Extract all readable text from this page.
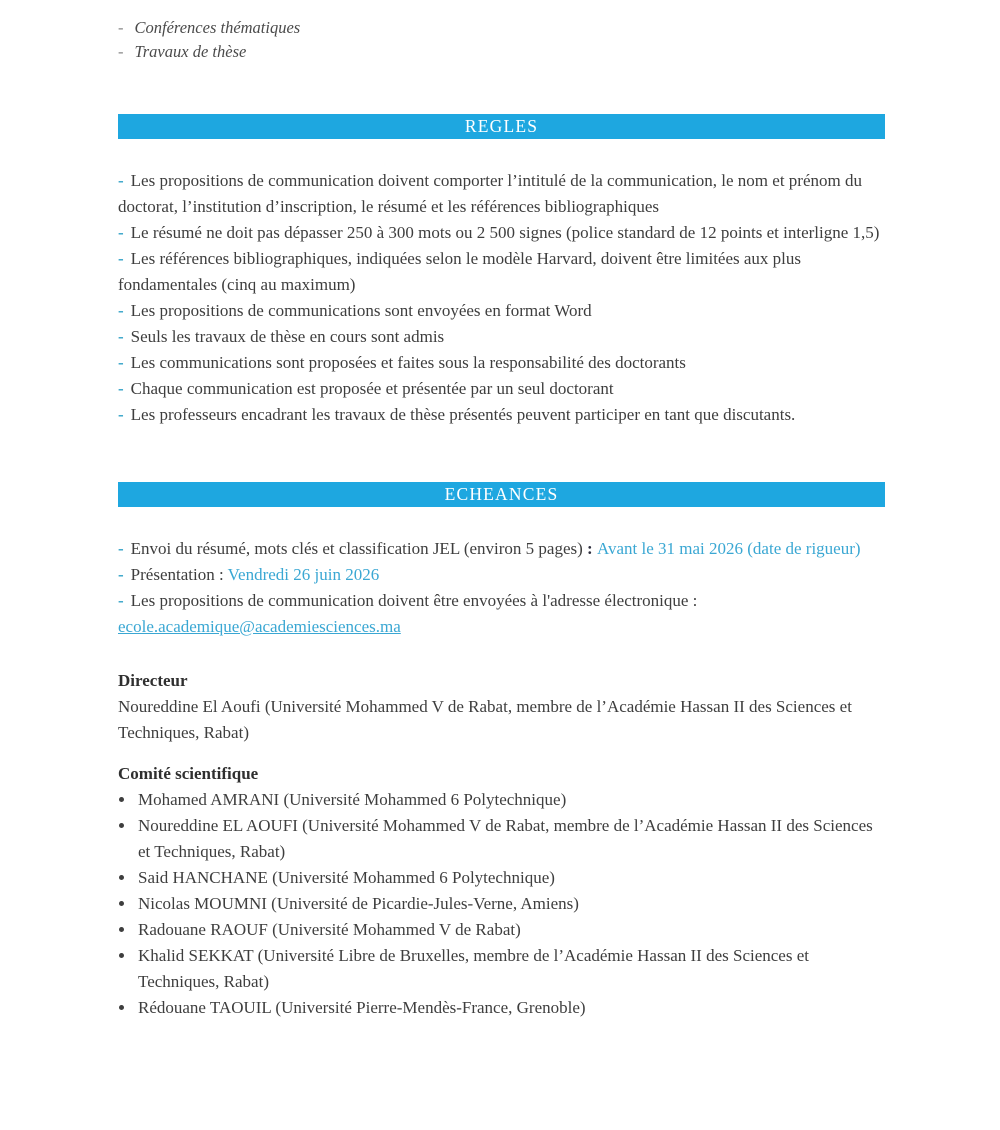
- Conférences thématiques
- Travaux de thèse
REGLES

- Les propositions de communication doivent comporter l’intitulé de la communication, le nom et prénom du doctorat, l’institution d’inscription, le résumé et les références bibliographiques

- Le résumé ne doit pas dépasser 250 à 300 mots ou 2 500 signes (police standard de 12 points et interligne 1,5)

- Les références bibliographiques, indiquées selon le modèle Harvard, doivent être limitées aux plus fondamentales (cinq au maximum)

- Les propositions de communications sont envoyées en format Word

- Seuls les travaux de thèse en cours sont admis

- Les communications sont proposées et faites sous la responsabilité des doctorants

- Chaque communication est proposée et présentée par un seul doctorant

- Les professeurs encadrant les travaux de thèse présentés peuvent participer en tant que discutants.

ECHEANCES

- Envoi du résumé, mots clés et classification JEL (environ 5 pages) : Avant le 31 mai 2026 (date de rigueur)

- Présentation : Vendredi 26 juin 2026

- Les propositions de communication doivent être envoyées à l'adresse électronique :

ecole.academique@academiesciences.ma

Directeur

Noureddine El Aoufi (Université Mohammed V de Rabat, membre de l’Académie Hassan II des Sciences et Techniques, Rabat)

Comité scientifique

• Mohamed AMRANI (Université Mohammed 6 Polytechnique)
• Noureddine EL AOUFI (Université Mohammed V de Rabat, membre de l’Académie Hassan II des Sciences et Techniques, Rabat)
• Said HANCHANE (Université Mohammed 6 Polytechnique)
• Nicolas MOUMNI (Université de Picardie-Jules-Verne, Amiens)
• Radouane RAOUF (Université Mohammed V de Rabat)
• Khalid SEKKAT (Université Libre de Bruxelles, membre de l’Académie Hassan II des Sciences et Techniques, Rabat)
• Rédouane TAOUIL (Université Pierre-Mendès-France, Grenoble)
